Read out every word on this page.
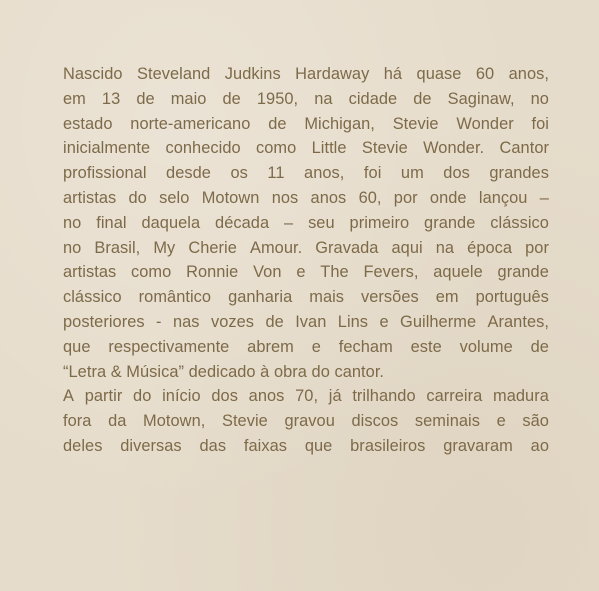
Nascido Steveland Judkins Hardaway há quase 60 anos,
em 13 de maio de 1950, na cidade de Saginaw, no
estado norte-americano de Michigan, Stevie Wonder foi
inicialmente conhecido como Little Stevie Wonder. Cantor
profissional desde os 11 anos, foi um dos grandes
artistas do selo Motown nos anos 60, por onde lançou –
no final daquela década – seu primeiro grande clássico
no Brasil, My Cherie Amour. Gravada aqui na época por
artistas como Ronnie Von e The Fevers, aquele grande
clássico romântico ganharia mais versões em português
posteriores - nas vozes de Ivan Lins e Guilherme Arantes,
que respectivamente abrem e fecham este volume de
“Letra & Música” dedicado à obra do cantor.
A partir do início dos anos 70, já trilhando carreira madura
fora da Motown, Stevie gravou discos seminais e são
deles diversas das faixas que brasileiros gravaram ao
